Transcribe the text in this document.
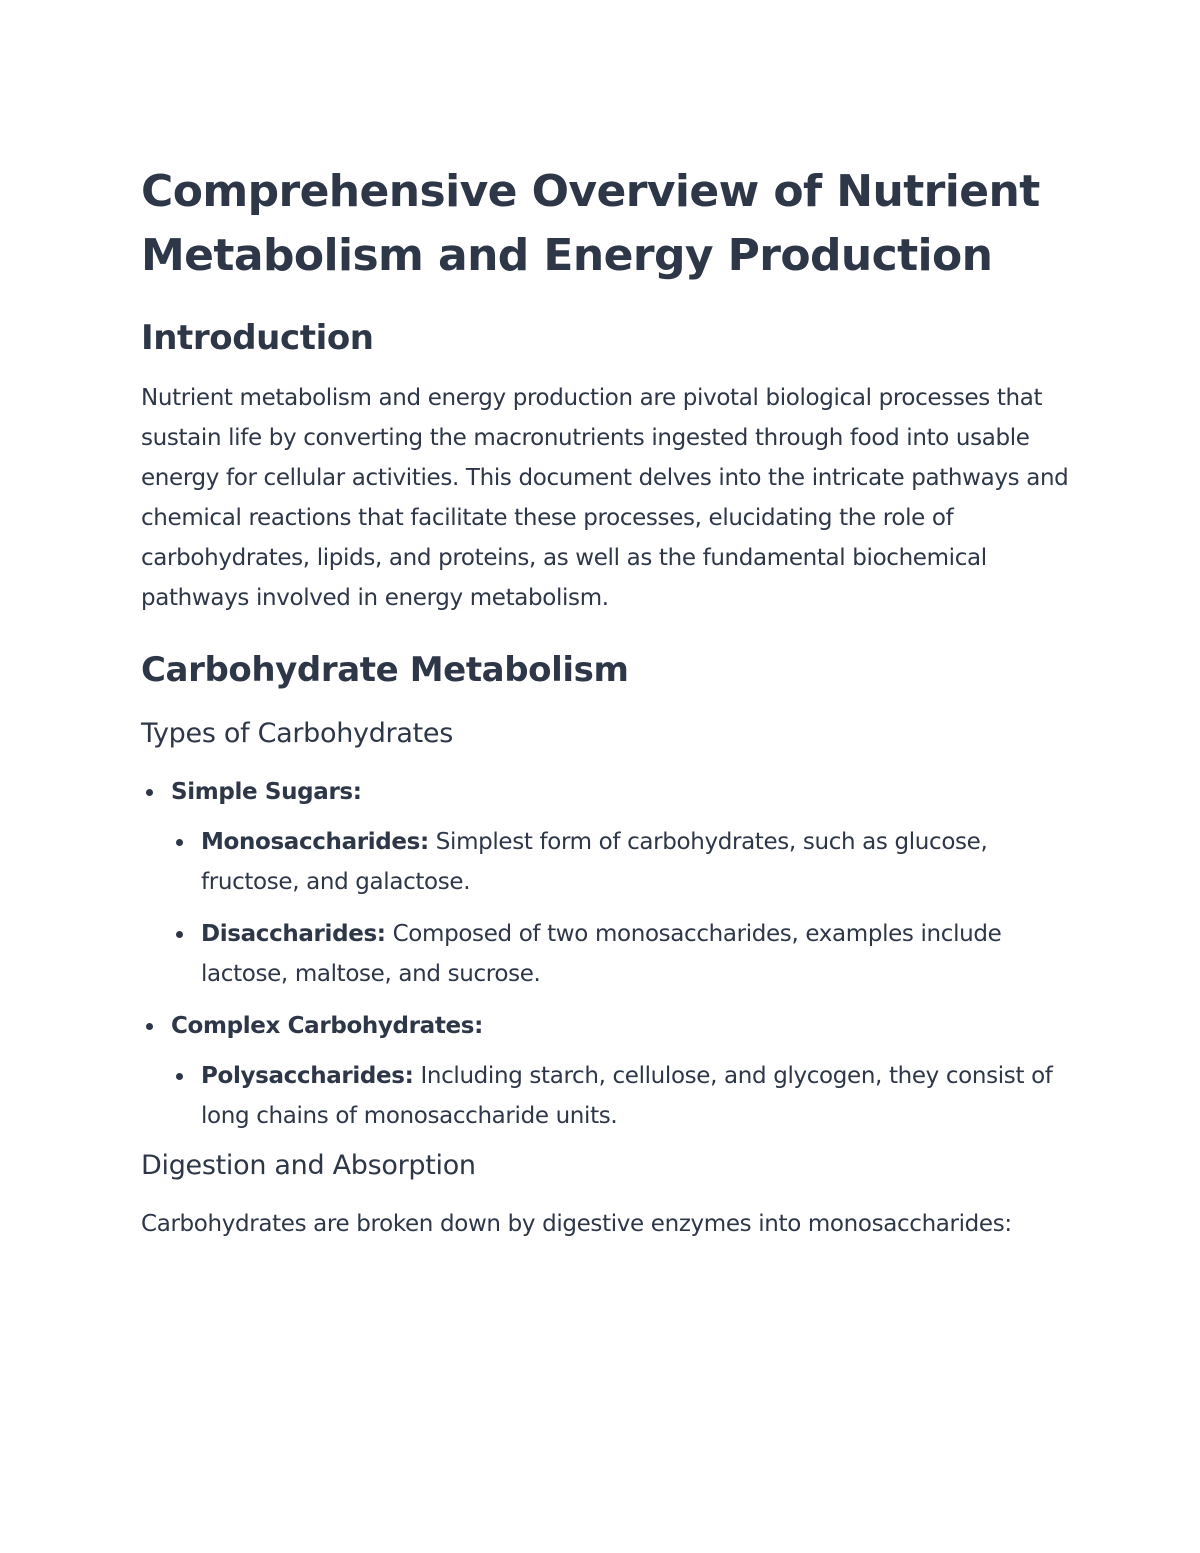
Comprehensive Overview of Nutrient Metabolism and Energy Production
Introduction

Nutrient metabolism and energy production are pivotal biological processes that sustain life by converting the macronutrients ingested through food into usable energy for cellular activities. This document delves into the intricate pathways and chemical reactions that facilitate these processes, elucidating the role of carbohydrates, lipids, and proteins, as well as the fundamental biochemical pathways involved in energy metabolism.

Carbohydrate Metabolism
Types of Carbohydrates
Simple Sugars:
Monosaccharides: Simplest form of carbohydrates, such as glucose, fructose, and galactose.
Disaccharides: Composed of two monosaccharides, examples include lactose, maltose, and sucrose.
Complex Carbohydrates:
Polysaccharides: Including starch, cellulose, and glycogen, they consist of long chains of monosaccharide units.
Digestion and Absorption

Carbohydrates are broken down by digestive enzymes into monosaccharides:
